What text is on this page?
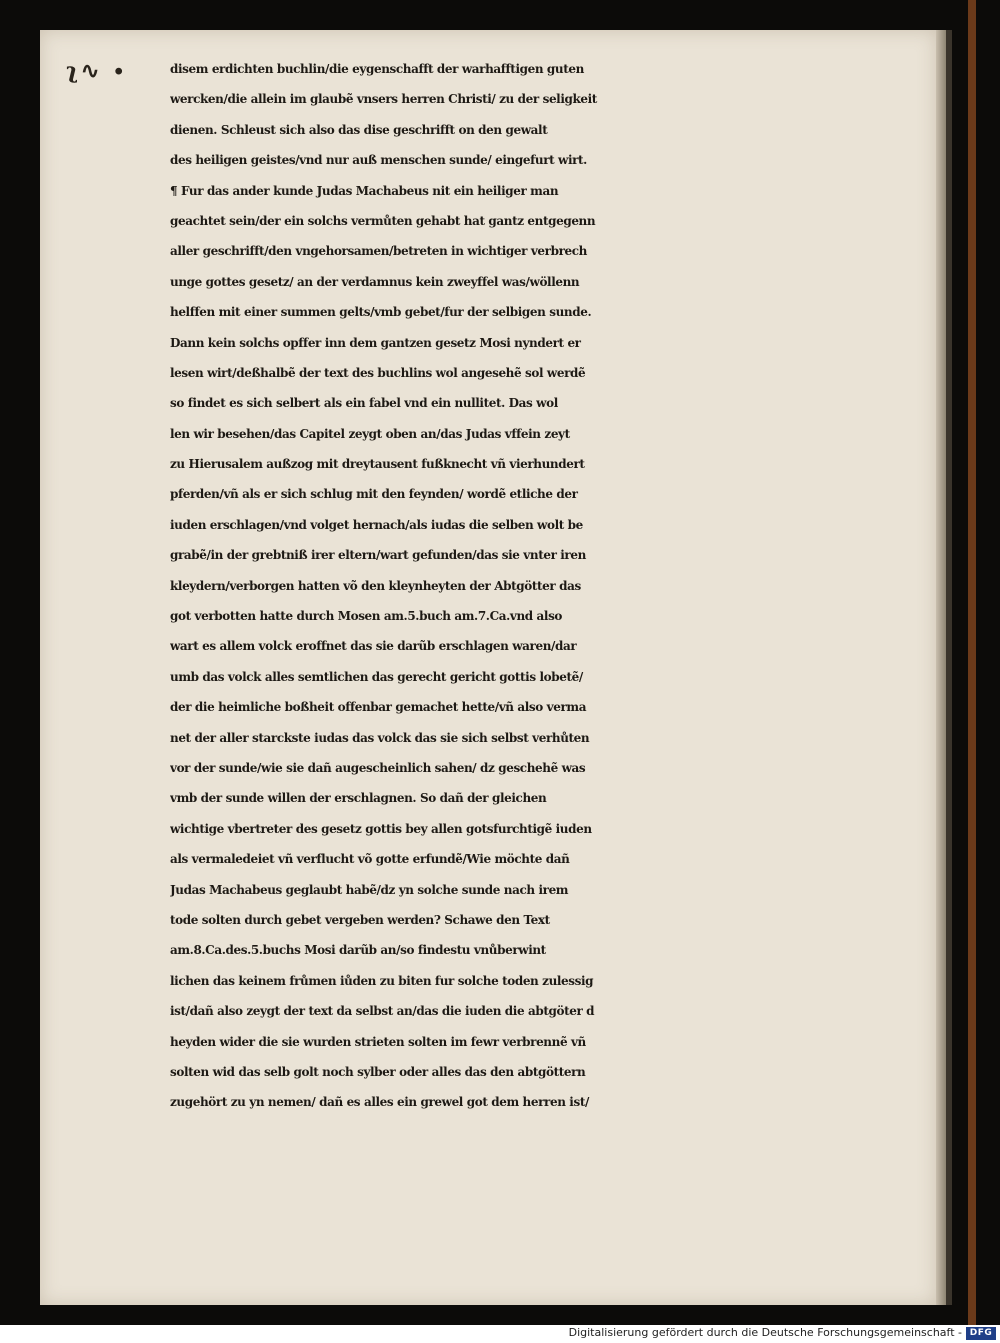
ʅ∿ ∙	disem erdichten buchlin/die eygenschafft der warhafftigen guten
wercken/die allein im glaubẽ vnsers herren Christi/ zu der seligkeit
dienen. Schleust sich also das dise geschrifft on den gewalt
des heiligen geistes/vnd nur auß menschen sunde/ eingefurt wirt.
¶ Fur das ander kunde Judas Machabeus nit ein heiliger man
geachtet sein/der ein solchs vermůten gehabt hat gantz entgegenn
aller geschrifft/den vngehorsamen/betreten in wichtiger verbrech
unge gottes gesetz/ an der verdamnus kein zweyffel was/wöllenn
helffen mit einer summen gelts/vmb gebet/fur der selbigen sunde.
Dann kein solchs opffer inn dem gantzen gesetz Mosi nyndert er
lesen wirt/deßhalbẽ der text des buchlins wol angesehẽ sol werdẽ
so findet es sich selbert als ein fabel vnd ein nullitet. Das wol
len wir besehen/das Capitel zeygt oben an/das Judas vffein zeyt
zu Hierusalem außzog mit dreytausent fußknecht vñ vierhundert
pferden/vñ als er sich schlug mit den feynden/ wordẽ etliche der
iuden erschlagen/vnd volget hernach/als iudas die selben wolt be
grabẽ/in der grebtniß irer eltern/wart gefunden/das sie vnter iren
kleydern/verborgen hatten võ den kleynheyten der Abtgötter das
got verbotten hatte durch Mosen am.5.buch am.7.Ca.vnd also
wart es allem volck eroffnet das sie darũb erschlagen waren/dar
umb das volck alles semtlichen das gerecht gericht gottis lobetẽ/
der die heimliche boßheit offenbar gemachet hette/vñ also verma
net der aller starckste iudas das volck das sie sich selbst verhůten
vor der sunde/wie sie dañ augescheinlich sahen/ dz geschehẽ was
vmb der sunde willen der erschlagnen. So dañ der gleichen
wichtige vbertreter des gesetz gottis bey allen gotsfurchtigẽ iuden
als vermaledeiet vñ verflucht võ gotte erfundẽ/Wie möchte dañ
Judas Machabeus geglaubt habẽ/dz yn solche sunde nach irem
tode solten durch gebet vergeben werden? Schawe den Text
am.8.Ca.des.5.buchs Mosi darũb an/so findestu vnůberwint
lichen das keinem frůmen iůden zu biten fur solche toden zulessig
ist/dañ also zeygt der text da selbst an/das die iuden die abtgöter d
heyden wider die sie wurden strieten solten im fewr verbrennẽ vñ
solten wid das selb golt noch sylber oder alles das den abtgöttern
zugehört zu yn nemen/ dañ es alles ein grewel got dem herren ist/
Digitalisierung gefördert durch die Deutsche Forschungsgemeinschaft - DFG
